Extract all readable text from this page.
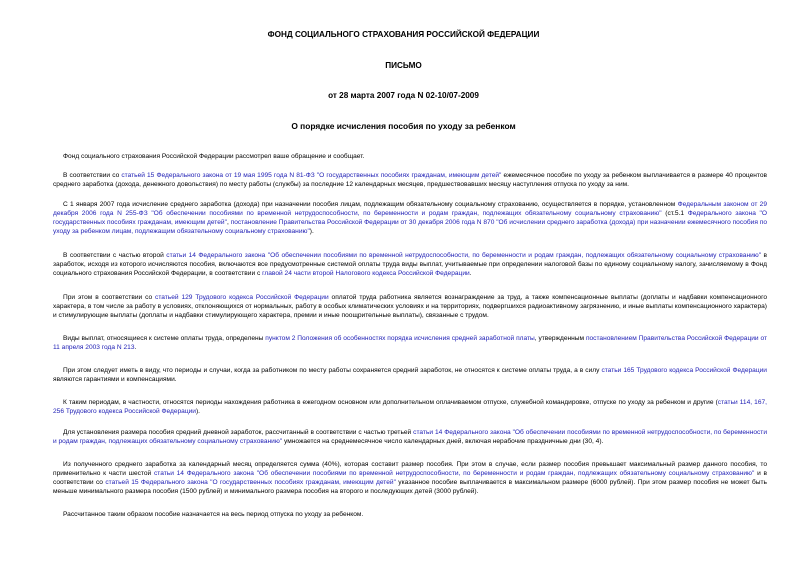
ФОНД СОЦИАЛЬНОГО СТРАХОВАНИЯ РОССИЙСКОЙ ФЕДЕРАЦИИ
ПИСЬМО
от 28 марта 2007 года N 02-10/07-2009
О порядке исчисления пособия по уходу за ребенком

Фонд социального страхования Российской Федерации рассмотрел ваше обращение и сообщает.

В соответствии со статьей 15 Федерального закона от 19 мая 1995 года N 81-ФЗ "О государственных пособиях гражданам, имеющим детей" ежемесячное пособие по уходу за ребенком выплачивается в размере 40 процентов среднего заработка (дохода, денежного довольствия) по месту работы (службы) за последние 12 календарных месяцев, предшествовавших месяцу наступления отпуска по уходу за ним.

С 1 января 2007 года исчисление среднего заработка (дохода) при назначении пособия лицам, подлежащим обязательному социальному страхованию, осуществляется в порядке, установленном Федеральным законом от 29 декабря 2006 года N 255-ФЗ "Об обеспечении пособиями по временной нетрудоспособности, по беременности и родам граждан, подлежащих обязательному социальному страхованию" (ст.5.1 Федерального закона "О государственных пособиях гражданам, имеющим детей", постановление Правительства Российской Федерации от 30 декабря 2006 года N 870 "Об исчислении среднего заработка (дохода) при назначении ежемесячного пособия по уходу за ребенком лицам, подлежащим обязательному социальному страхованию").

В соответствии с частью второй статьи 14 Федерального закона "Об обеспечении пособиями по временной нетрудоспособности, по беременности и родам граждан, подлежащих обязательному социальному страхованию" в заработок, исходя из которого исчисляются пособия, включаются все предусмотренные системой оплаты труда виды выплат, учитываемые при определении налоговой базы по единому социальному налогу, зачисляемому в Фонд социального страхования Российской Федерации, в соответствии с главой 24 части второй Налогового кодекса Российской Федерации.

При этом в соответствии со статьей 129 Трудового кодекса Российской Федерации оплатой труда работника является вознаграждение за труд, а также компенсационные выплаты (доплаты и надбавки компенсационного характера, в том числе за работу в условиях, отклоняющихся от нормальных, работу в особых климатических условиях и на территориях, подвергшихся радиоактивному загрязнению, и иные выплаты компенсационного характера) и стимулирующие выплаты (доплаты и надбавки стимулирующего характера, премии и иные поощрительные выплаты), связанные с трудом.

Виды выплат, относящиеся к системе оплаты труда, определены пунктом 2 Положения об особенностях порядка исчисления средней заработной платы, утвержденным постановлением Правительства Российской Федерации от 11 апреля 2003 года N 213.

При этом следует иметь в виду, что периоды и случаи, когда за работником по месту работы сохраняется средний заработок, не относятся к системе оплаты труда, а в силу статьи 165 Трудового кодекса Российской Федерации являются гарантиями и компенсациями.

К таким периодам, в частности, относятся периоды нахождения работника в ежегодном основном или дополнительном оплачиваемом отпуске, служебной командировке, отпуске по уходу за ребенком и другие (статьи 114, 167, 256 Трудового кодекса Российской Федерации).

Для установления размера пособия средний дневной заработок, рассчитанный в соответствии с частью третьей статьи 14 Федерального закона "Об обеспечении пособиями по временной нетрудоспособности, по беременности и родам граждан, подлежащих обязательному социальному страхованию" умножается на среднемесячное число календарных дней, включая нерабочие праздничные дни (30, 4).

Из полученного среднего заработка за календарный месяц определяется сумма (40%), которая составит размер пособия. При этом в случае, если размер пособия превышает максимальный размер данного пособия, то применительно к части шестой статьи 14 Федерального закона "Об обеспечении пособиями по временной нетрудоспособности, по беременности и родам граждан, подлежащих обязательному социальному страхованию" и в соответствии со статьей 15 Федерального закона "О государственных пособиях гражданам, имеющим детей" указанное пособие выплачивается в максимальном размере (6000 рублей). При этом размер пособия не может быть меньше минимального размера пособия (1500 рублей) и минимального размера пособия на второго и последующих детей (3000 рублей).

Рассчитанное таким образом пособие назначается на весь период отпуска по уходу за ребенком.
